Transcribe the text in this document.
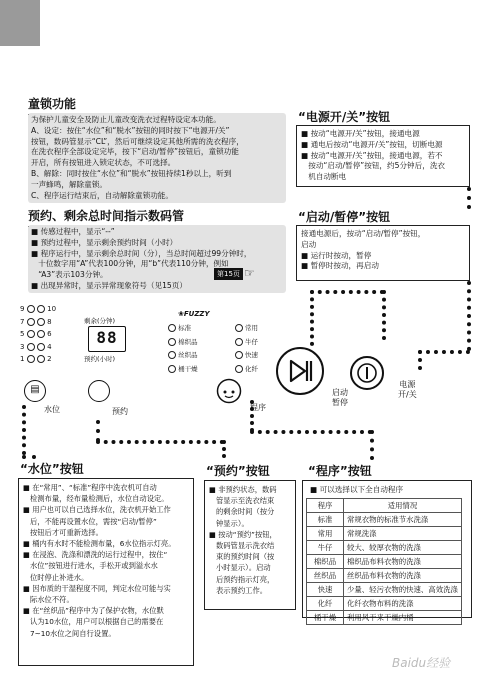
童锁功能
为保护儿童安全及防止儿童改变洗衣过程特设定本功能。
A、设定：按住“水位”和“脱水”按钮的同时按下“电源开/关”
按钮，数码管显示“CL”，然后可继续设定其他所需的洗衣程序，
在洗衣程序全部设定完毕，按下“启动/暂停”按钮后，童锁功能
开启，所有按钮进入锁定状态，不可选择。
B、解除：同时按住“水位”和“脱水”按钮持续1秒以上，听到
一声蜂鸣，解除童锁。
C、程序运行结束后，自动解除童锁功能。
预约、剩余总时间指示数码管
■ 传感过程中，显示“--”
■ 预约过程中，显示剩余预约时间（小时）
■ 程序运行中，显示剩余总时间（分），当总时间超过99分钟时，
十位数字用“A”代表100分钟，用“b”代表110分钟，例如
“A3”表示103分钟。
■ 出现异常时，显示异常现象符号（见15页）
第15页 ☞
“电源开/关”按钮
■ 按动“电源开/关”按钮，接通电源
■ 通电后按动“电源开/关”按钮，切断电源
■ 按动“电源开/关”按钮，接通电源，若不
按动“启动/暂停”按钮，约5分钟后，洗衣
机自动断电
“启动/暂停”按钮
接通电源后，按动“启动/暂停”按钮，
启动
■ 运行时按动，暂停
■ 暂停时按动，再启动
9	10
7	8
5	6
3	4
1	2
剩余(分钟)
88
预约(小时)
❀FUZZY
标准	常用
棉织品	牛仔
丝织品	快速
桶干燥	化纤
▤
水位	预约	程序
启动
暂停
电源
开/关
“水位”按钮
■ 在“常用”、“标准”程序中洗衣机可自动
检测布量，经布量检测后，水位自动设定。
■ 用户也可以自己选择水位，洗衣机开始工作
后，不能再设置水位，需按“启动/暂停”
按钮后才可重新选择。
■ 桶内有水时不能检测布量，6水位指示灯亮。
■ 在浸泡、洗涤和漂洗的运行过程中，按住“
水位”按钮进行进水，手松开或到溢水水
位时停止补进水。
■ 因布质的干湿程度不同，判定水位可能与实
际水位不符。
■ 在“丝织品”程序中为了保护衣物，水位默
认为10水位，用户可以根据自己的需要在
7~10水位之间自行设置。
“预约”按钮
■ 非预约状态，数码
管显示至洗衣结束
的剩余时间（按分
钟显示）。
■ 按动“预约”按钮，
数码管显示洗衣结
束的预约时间（按
小时显示）。启动
后预约指示灯亮，
表示预约工作。
“程序”按钮
■ 可以选择以下全自动程序
程序	适用情况
标准	常规衣物的标准节水洗涤
常用	常规洗涤
牛仔	较大、较厚衣物的洗涤
棉织品	棉织品布料衣物的洗涤
丝织品	丝织品布料衣物的洗涤
快速	少量、轻污衣物的快速、高效洗涤
化纤	化纤衣物布料的洗涤
桶干燥	利用风干来干燥内桶
Baidu经验
